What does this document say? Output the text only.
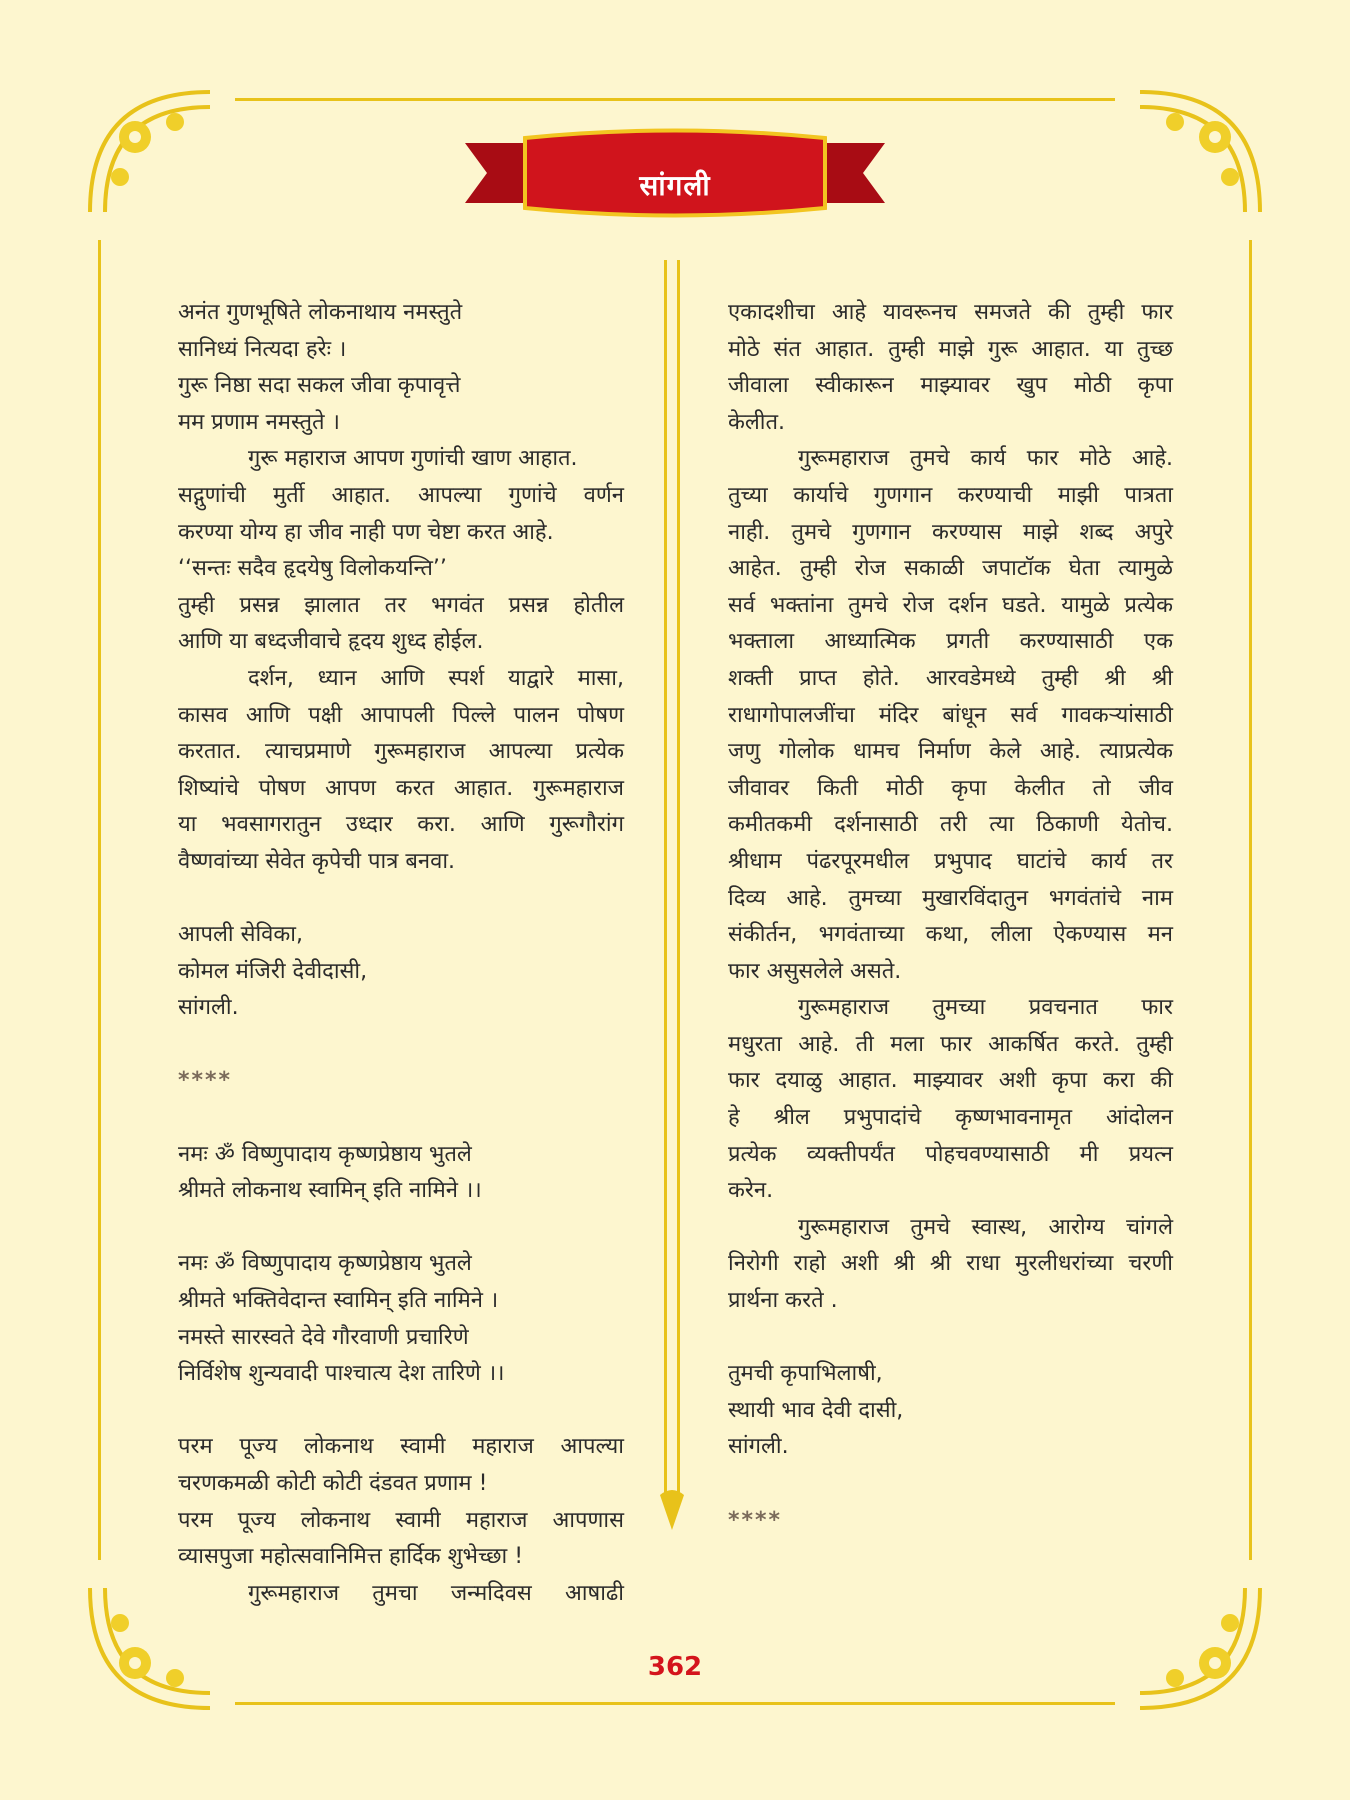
सांगली
अनंत गुणभूषिते लोकनाथाय नमस्तुते
सानिध्यं नित्यदा हरेः ।
गुरू निष्ठा सदा सकल जीवा कृपावृत्ते
मम प्रणाम नमस्तुते ।
गुरू महाराज आपण गुणांची खाण आहात.
सद्गुणांची मुर्ती आहात. आपल्या गुणांचे वर्णन
करण्या योग्य हा जीव नाही पण चेष्टा करत आहे.
‘‘सन्तः सदैव हृदयेषु विलोकयन्ति’’
तुम्ही प्रसन्न झालात तर भगवंत प्रसन्न होतील
आणि या बध्दजीवाचे हृदय शुध्द होईल.
दर्शन, ध्यान आणि स्पर्श याद्वारे मासा,
कासव आणि पक्षी आपापली पिल्ले पालन पोषण
करतात. त्याचप्रमाणे गुरूमहाराज आपल्या प्रत्येक
शिष्यांचे पोषण आपण करत आहात. गुरूमहाराज
या भवसागरातुन उध्दार करा. आणि गुरूगौरांग
वैष्णवांच्या सेवेत कृपेची पात्र बनवा.
आपली सेविका,
कोमल मंजिरी देवीदासी,
सांगली.
****
नमः ॐ विष्णुपादाय कृष्णप्रेष्ठाय भुतले
श्रीमते लोकनाथ स्वामिन् इति नामिने ।।
नमः ॐ विष्णुपादाय कृष्णप्रेष्ठाय भुतले
श्रीमते भक्तिवेदान्त स्वामिन् इति नामिने ।
नमस्ते सारस्वते देवे गौरवाणी प्रचारिणे
निर्विशेष शुन्यवादी पाश्चात्य देश तारिणे ।।
परम पूज्य लोकनाथ स्वामी महाराज आपल्या
चरणकमळी कोटी कोटी दंडवत प्रणाम !
परम पूज्य लोकनाथ स्वामी महाराज आपणास
व्यासपुजा महोत्सवानिमित्त हार्दिक शुभेच्छा !
गुरूमहाराज तुमचा जन्मदिवस आषाढी
एकादशीचा आहे यावरूनच समजते की तुम्ही फार
मोठे संत आहात. तुम्ही माझे गुरू आहात. या तुच्छ
जीवाला स्वीकारून माझ्यावर खुप मोठी कृपा
केलीत.
गुरूमहाराज तुमचे कार्य फार मोठे आहे.
तुच्या कार्याचे गुणगान करण्याची माझी पात्रता
नाही. तुमचे गुणगान करण्यास माझे शब्द अपुरे
आहेत. तुम्ही रोज सकाळी जपाटॉक घेता त्यामुळे
सर्व भक्तांना तुमचे रोज दर्शन घडते. यामुळे प्रत्येक
भक्ताला आध्यात्मिक प्रगती करण्यासाठी एक
शक्ती प्राप्त होते. आरवडेमध्ये तुम्ही श्री श्री
राधागोपालजींचा मंदिर बांधून सर्व गावकऱ्यांसाठी
जणु गोलोक धामच निर्माण केले आहे. त्याप्रत्येक
जीवावर किती मोठी कृपा केलीत तो जीव
कमीतकमी दर्शनासाठी तरी त्या ठिकाणी येतोच.
श्रीधाम पंढरपूरमधील प्रभुपाद घाटांचे कार्य तर
दिव्य आहे. तुमच्या मुखारविंदातुन भगवंतांचे नाम
संकीर्तन, भगवंताच्या कथा, लीला ऐकण्यास मन
फार असुसलेले असते.
गुरूमहाराज तुमच्या प्रवचनात फार
मधुरता आहे. ती मला फार आकर्षित करते. तुम्ही
फार दयाळु आहात. माझ्यावर अशी कृपा करा की
हे श्रील प्रभुपादांचे कृष्णभावनामृत आंदोलन
प्रत्येक व्यक्तीपर्यंत पोहचवण्यासाठी मी प्रयत्न
करेन.
गुरूमहाराज तुमचे स्वास्थ, आरोग्य चांगले
निरोगी राहो अशी श्री श्री राधा मुरलीधरांच्या चरणी
प्रार्थना करते .
तुमची कृपाभिलाषी,
स्थायी भाव देवी दासी,
सांगली.
****
362
